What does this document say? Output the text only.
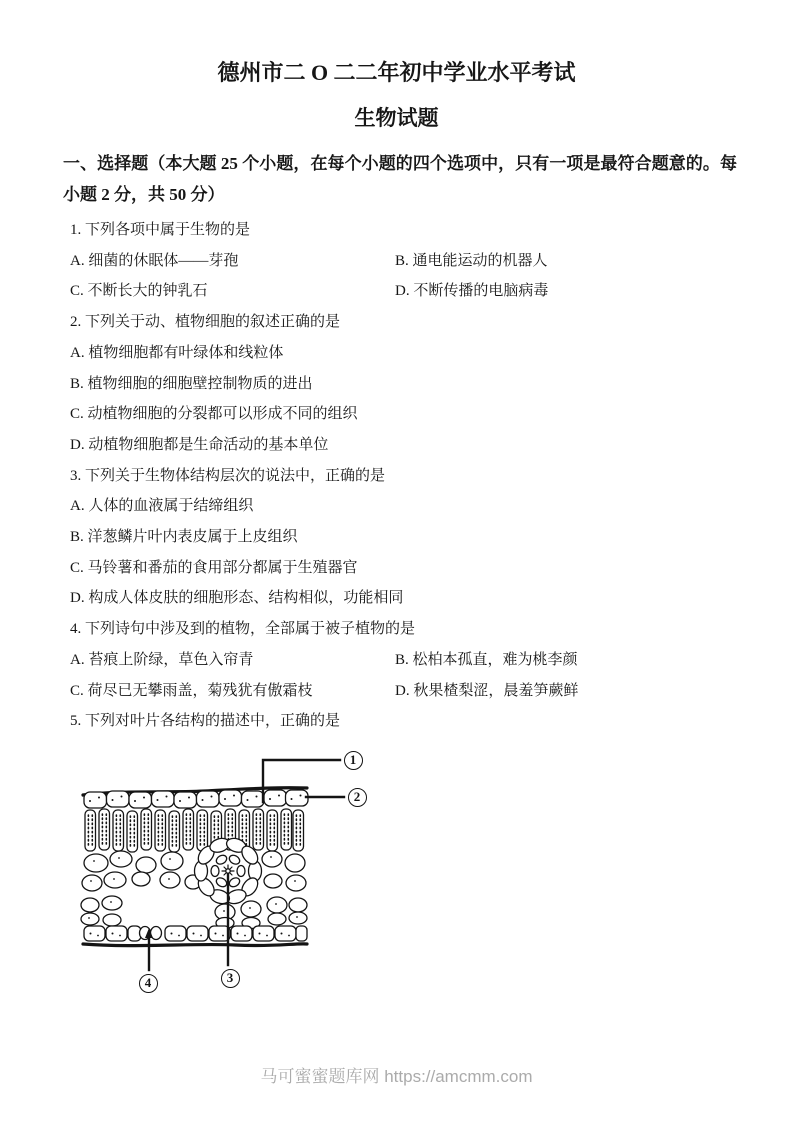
德州市二 O 二二年初中学业水平考试
生物试题

一、选择题（本大题 25 个小题，在每个小题的四个选项中，只有一项是最符合题意的。每小题 2 分，共 50 分）

1. 下列各项中属于生物的是
A. 细菌的休眠体——芽孢	B. 通电能运动的机器人
C. 不断长大的钟乳石	D. 不断传播的电脑病毒
2. 下列关于动、植物细胞的叙述正确的是
A. 植物细胞都有叶绿体和线粒体
B. 植物细胞的细胞壁控制物质的进出
C. 动植物细胞的分裂都可以形成不同的组织
D. 动植物细胞都是生命活动的基本单位
3. 下列关于生物体结构层次的说法中，正确的是
A. 人体的血液属于结缔组织
B. 洋葱鳞片叶内表皮属于上皮组织
C. 马铃薯和番茄的食用部分都属于生殖器官
D. 构成人体皮肤的细胞形态、结构相似，功能相同
4. 下列诗句中涉及到的植物，全部属于被子植物的是
A. 苔痕上阶绿，草色入帘青	B. 松柏本孤直，难为桃李颜
C. 荷尽已无攀雨盖，菊残犹有傲霜枝	D. 秋果楂梨涩，晨羞笋蕨鲜
5. 下列对叶片各结构的描述中，正确的是
1
2
3
4
马可蜜蜜题库网 https://amcmm.com
